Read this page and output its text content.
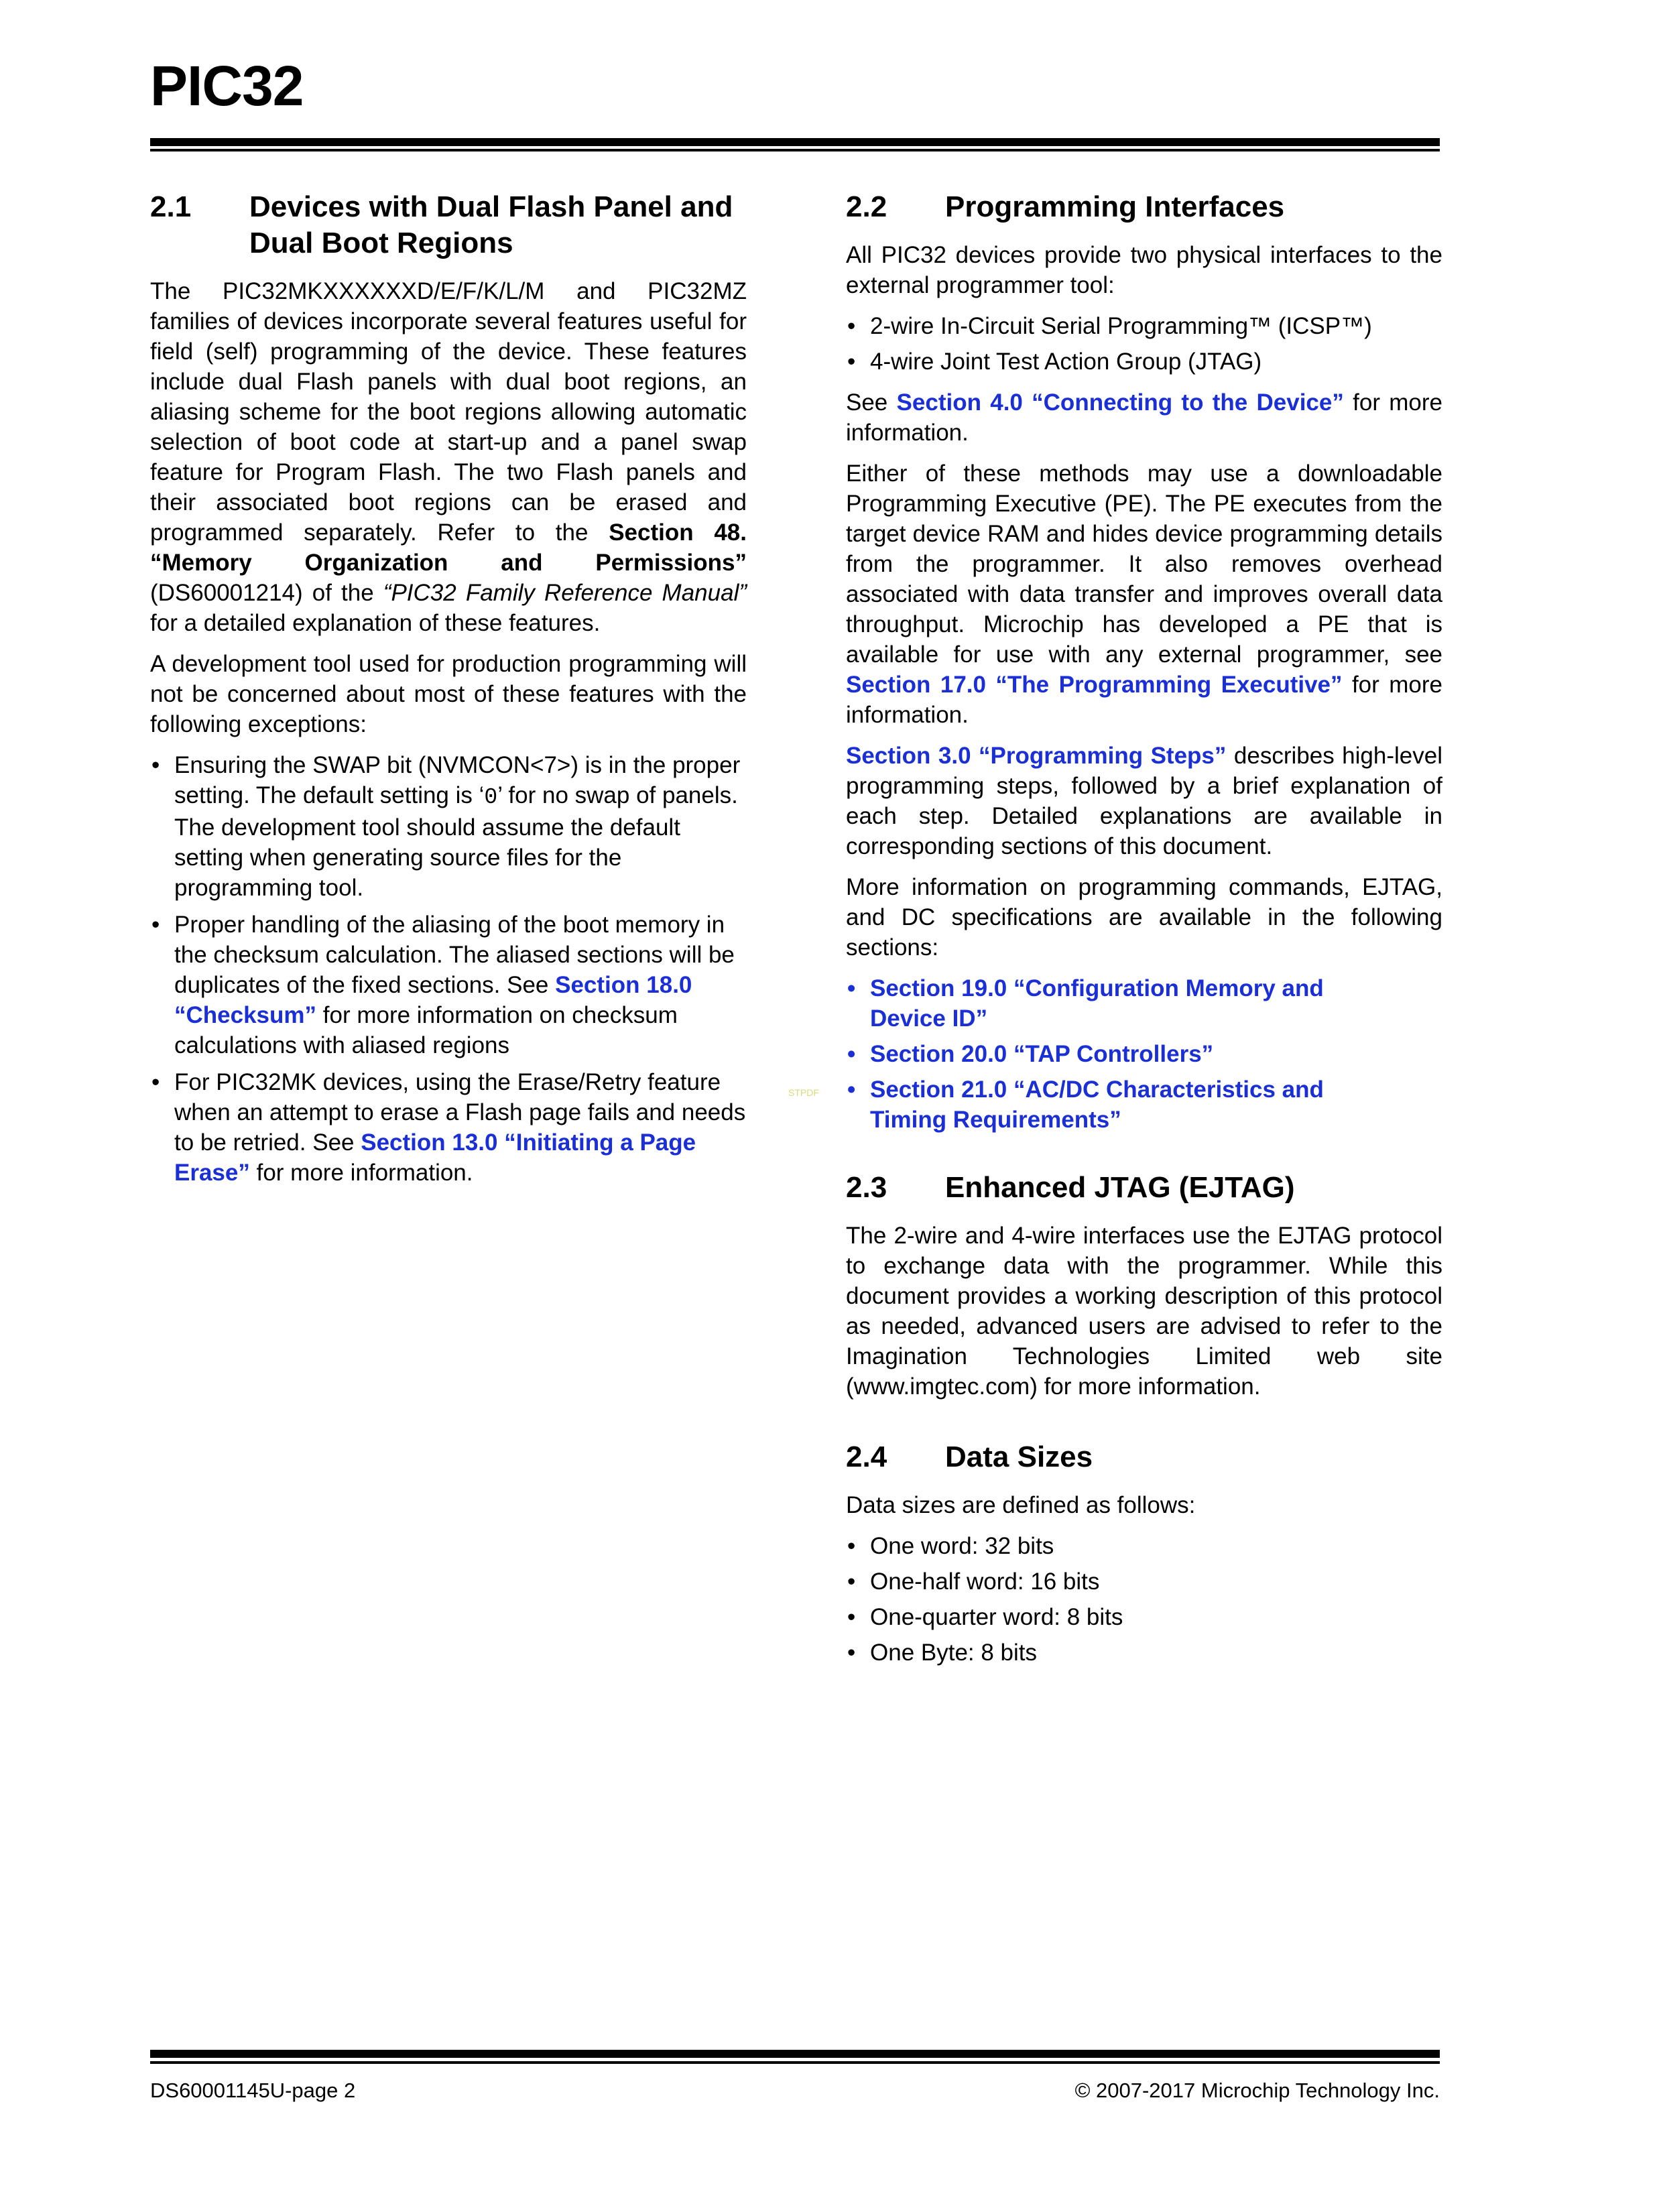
PIC32
2.1	Devices with Dual Flash Panel and Dual Boot Regions

The PIC32MKXXXXXXD/E/F/K/L/M and PIC32MZ families of devices incorporate several features useful for field (self) programming of the device. These features include dual Flash panels with dual boot regions, an aliasing scheme for the boot regions allowing automatic selection of boot code at start-up and a panel swap feature for Program Flash. The two Flash panels and their associated boot regions can be erased and programmed separately. Refer to the Section 48. “Memory Organization and Permissions” (DS60001214) of the “PIC32 Family Reference Manual” for a detailed explanation of these features.

A development tool used for production programming will not be concerned about most of these features with the following exceptions:

• Ensuring the SWAP bit (NVMCON<7>) is in the proper setting. The default setting is ‘0’ for no swap of panels. The development tool should assume the default setting when generating source files for the programming tool.
• Proper handling of the aliasing of the boot memory in the checksum calculation. The aliased sections will be duplicates of the fixed sections. See Section 18.0 “Checksum” for more information on checksum calculations with aliased regions
• For PIC32MK devices, using the Erase/Retry feature when an attempt to erase a Flash page fails and needs to be retried. See Section 13.0 “Initiating a Page Erase” for more information.
2.2	Programming Interfaces

All PIC32 devices provide two physical interfaces to the external programmer tool:

• 2-wire In-Circuit Serial Programming™ (ICSP™)
• 4-wire Joint Test Action Group (JTAG)

See Section 4.0 “Connecting to the Device” for more information.

Either of these methods may use a downloadable Programming Executive (PE). The PE executes from the target device RAM and hides device programming details from the programmer. It also removes overhead associated with data transfer and improves overall data throughput. Microchip has developed a PE that is available for use with any external programmer, see Section 17.0 “The Programming Executive” for more information.

Section 3.0 “Programming Steps” describes high-level programming steps, followed by a brief explanation of each step. Detailed explanations are available in corresponding sections of this document.

More information on programming commands, EJTAG, and DC specifications are available in the following sections:

• Section 19.0 “Configuration Memory and Device ID”
• Section 20.0 “TAP Controllers”
• Section 21.0 “AC/DC Characteristics and Timing Requirements”
2.3	Enhanced JTAG (EJTAG)

The 2-wire and 4-wire interfaces use the EJTAG protocol to exchange data with the programmer. While this document provides a working description of this protocol as needed, advanced users are advised to refer to the Imagination Technologies Limited web site (www.imgtec.com) for more information.

2.4	Data Sizes

Data sizes are defined as follows:

• One word: 32 bits
• One-half word: 16 bits
• One-quarter word: 8 bits
• One Byte: 8 bits
STPDF
DS60001145U-page 2	© 2007-2017 Microchip Technology Inc.
